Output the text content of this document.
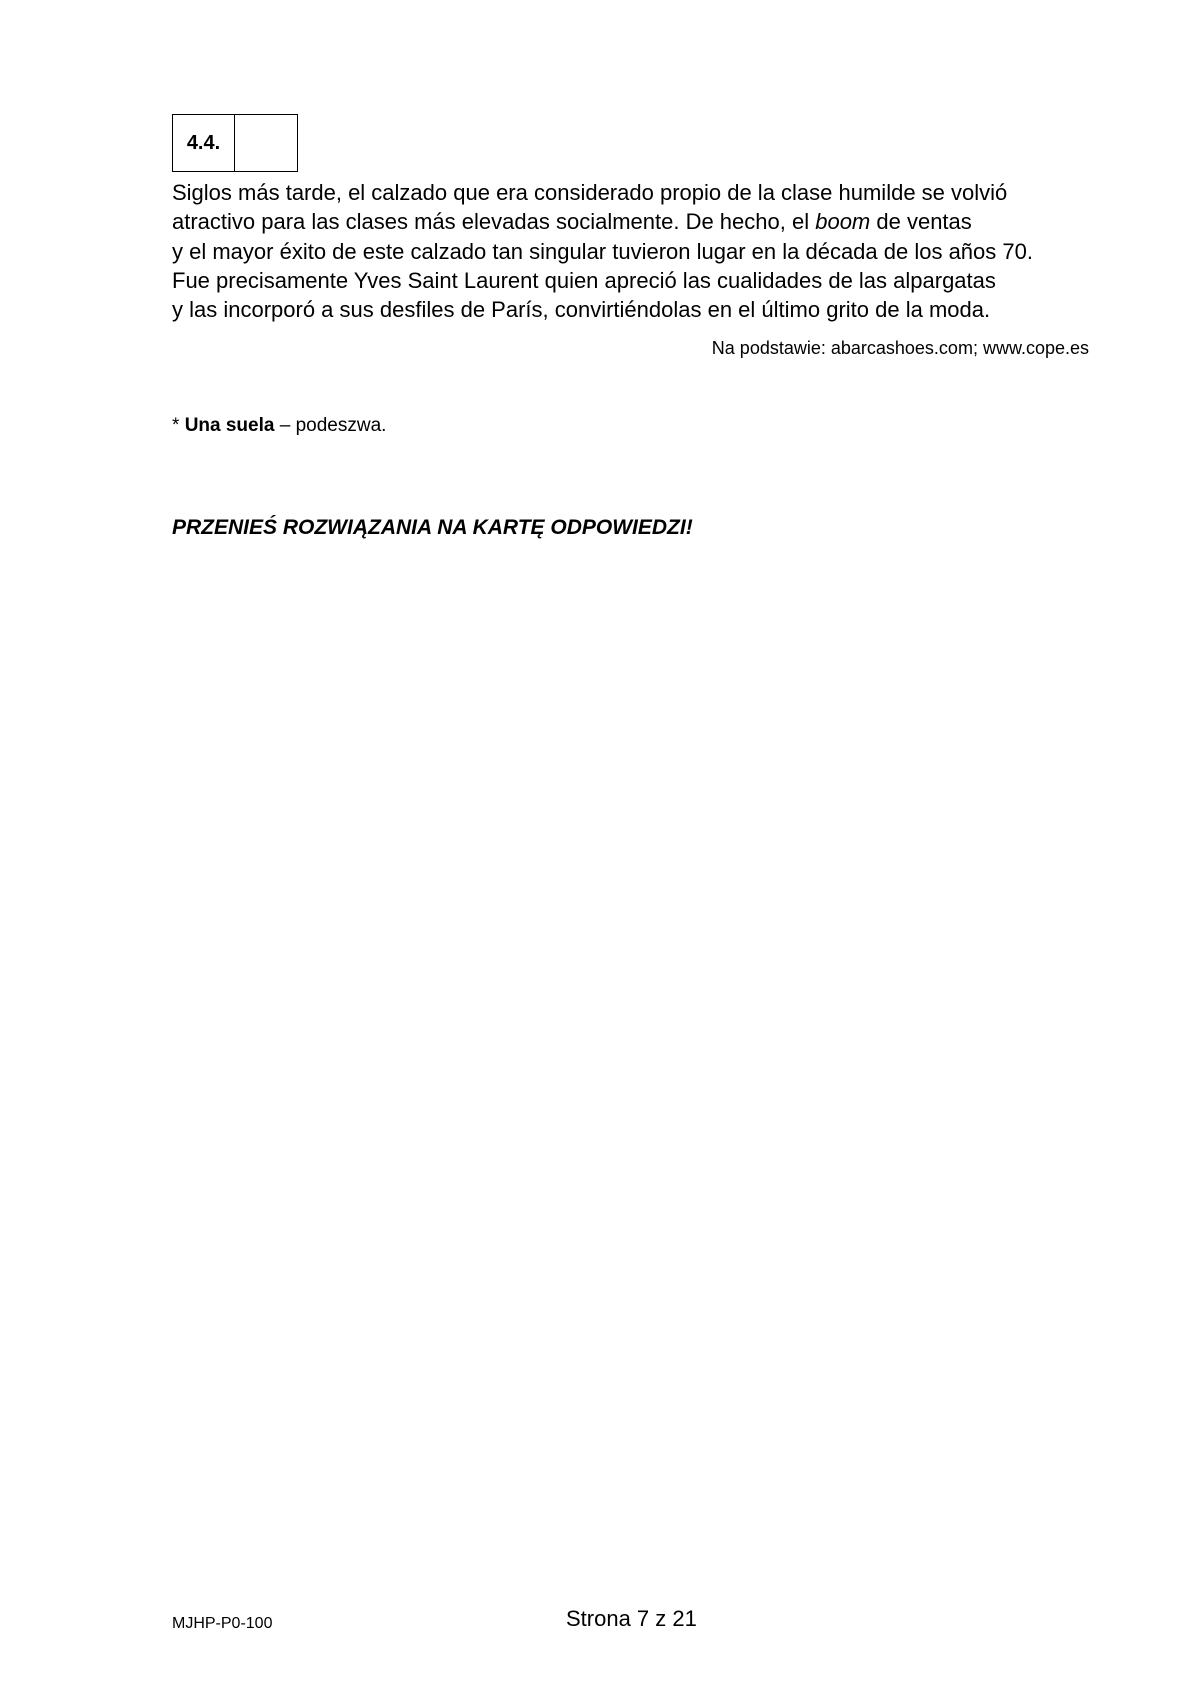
4.4.

Siglos más tarde, el calzado que era considerado propio de la clase humilde se volvió
atractivo para las clases más elevadas socialmente. De hecho, el boom de ventas
y el mayor éxito de este calzado tan singular tuvieron lugar en la década de los años 70.
Fue precisamente Yves Saint Laurent quien apreció las cualidades de las alpargatas
y las incorporó a sus desfiles de París, convirtiéndolas en el último grito de la moda.

Na podstawie: abarcashoes.com; www.cope.es
* Una suela – podeszwa.
PRZENIEŚ ROZWIĄZANIA NA KARTĘ ODPOWIEDZI!
MJHP-P0-100	Strona 7 z 21
